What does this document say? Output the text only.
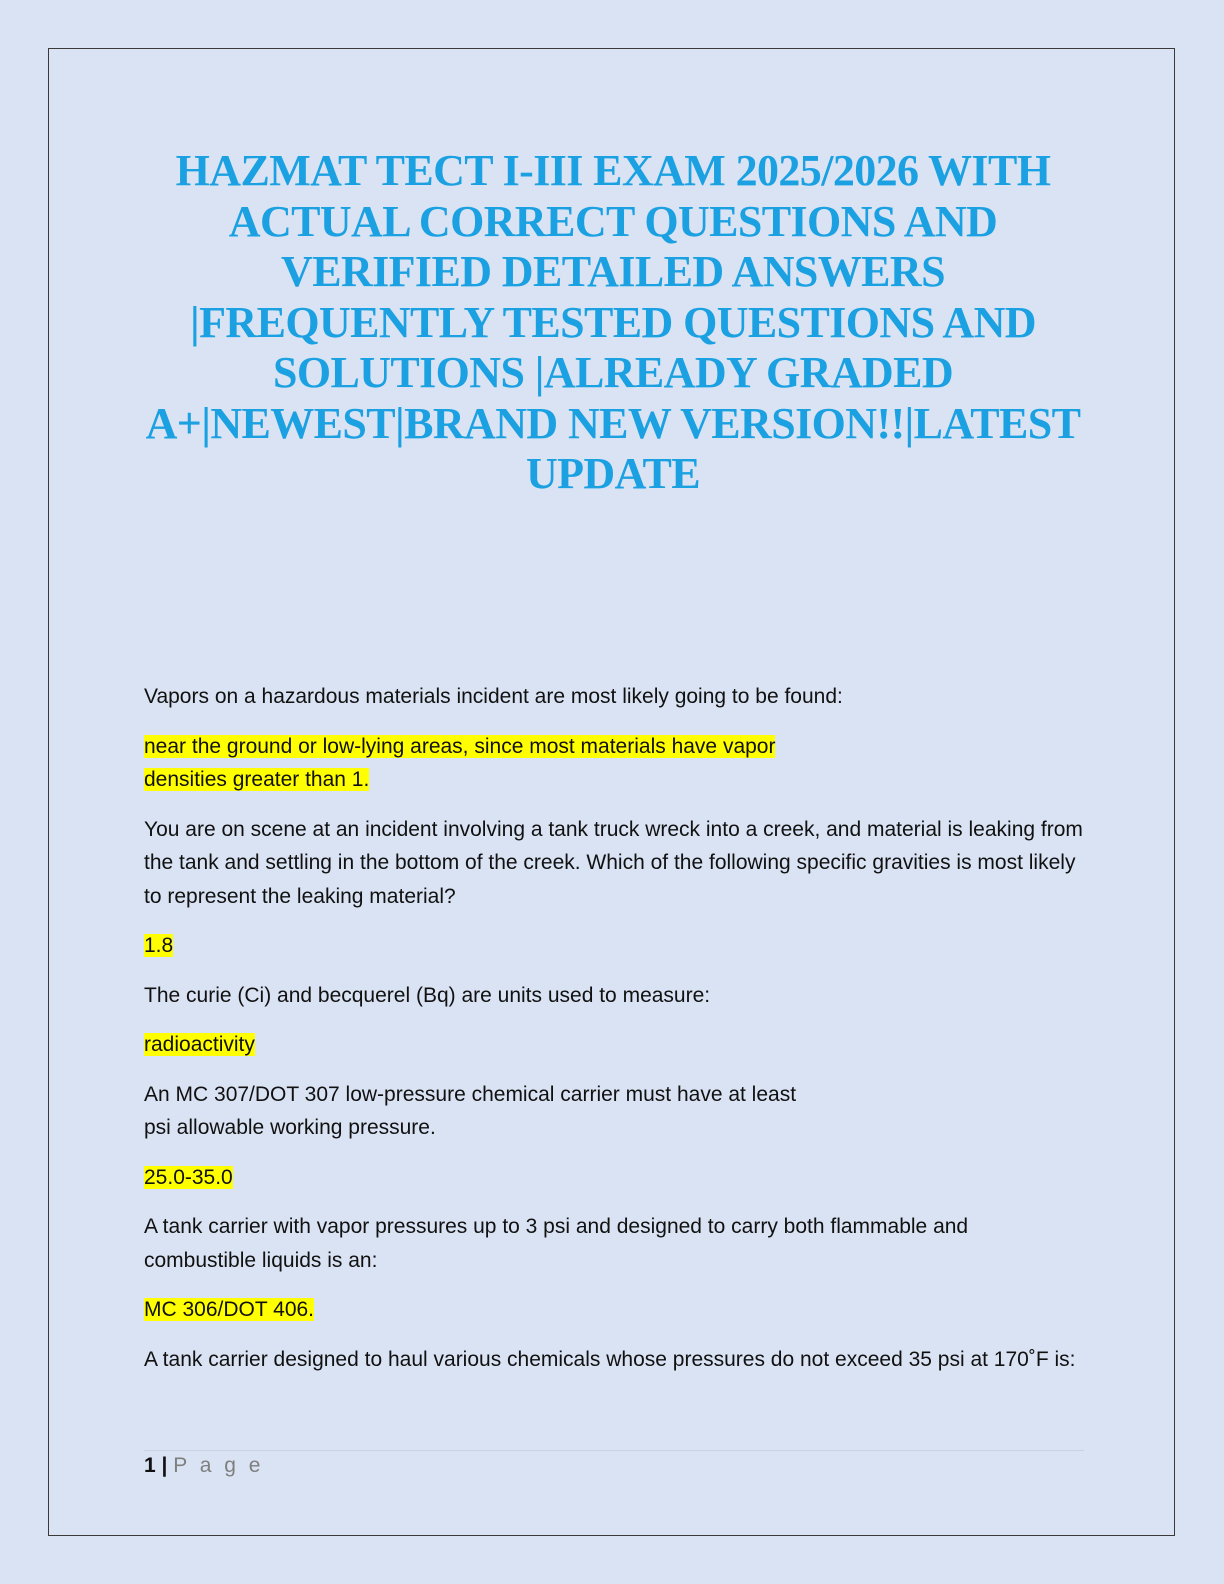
HAZMAT TECT I-III EXAM 2025/2026 WITH ACTUAL CORRECT QUESTIONS AND VERIFIED DETAILED ANSWERS |FREQUENTLY TESTED QUESTIONS AND SOLUTIONS |ALREADY GRADED A+|NEWEST|BRAND NEW VERSION!!|LATEST UPDATE

Vapors on a hazardous materials incident are most likely going to be found:

near the ground or low-lying areas, since most materials have vapor
densities greater than 1.

You are on scene at an incident involving a tank truck wreck into a creek, and material is leaking from the tank and settling in the bottom of the creek. Which of the following specific gravities is most likely to represent the leaking material?

1.8

The curie (Ci) and becquerel (Bq) are units used to measure:

radioactivity

An MC 307/DOT 307 low-pressure chemical carrier must have at least
psi allowable working pressure.

25.0-35.0

A tank carrier with vapor pressures up to 3 psi and designed to carry both flammable and combustible liquids is an:

MC 306/DOT 406.

A tank carrier designed to haul various chemicals whose pressures do not exceed 35 psi at 170˚F is:

1 | P a g e
